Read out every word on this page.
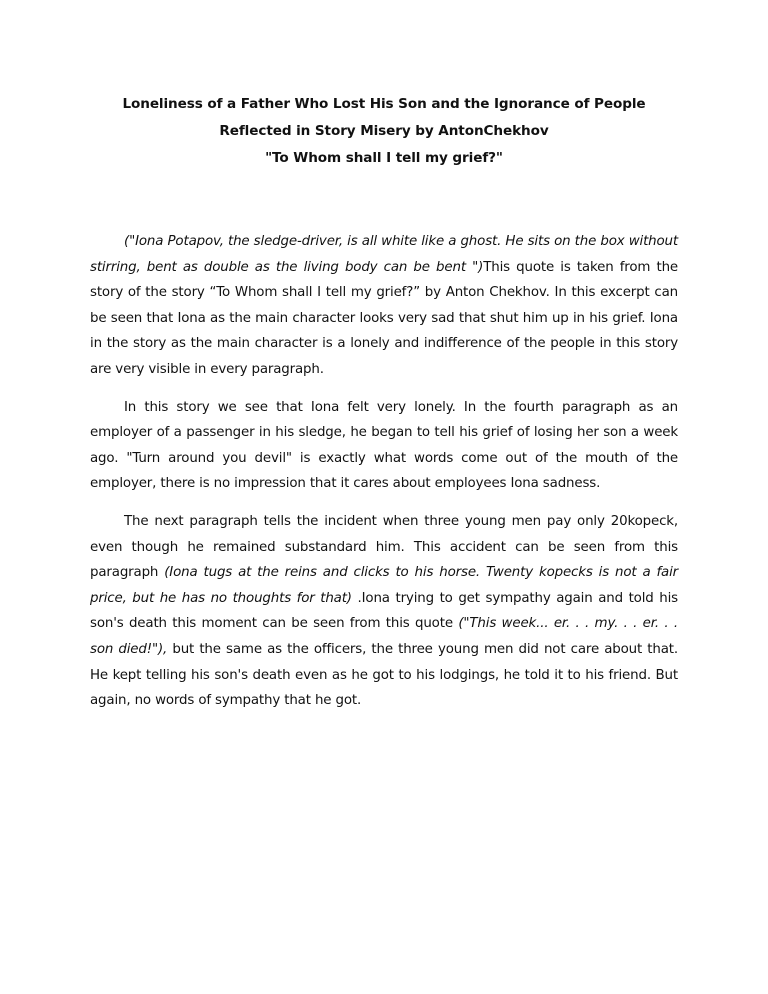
Loneliness of a Father Who Lost His Son and the Ignorance of People
Reflected in Story Misery by AntonChekhov
"To Whom shall I tell my grief?"

("Iona Potapov, the sledge-driver, is all white like a ghost. He sits on the box without stirring, bent as double as the living body can be bent ")This quote is taken from the story of the story “To Whom shall I tell my grief?” by Anton Chekhov. In this excerpt can be seen that Iona as the main character looks very sad that shut him up in his grief. Iona in the story as the main character is a lonely and indifference of the people in this story are very visible in every paragraph.

In this story we see that Iona felt very lonely. In the fourth paragraph as an employer of a passenger in his sledge, he began to tell his grief of losing her son a week ago. "Turn around you devil" is exactly what words come out of the mouth of the employer, there is no impression that it cares about employees Iona sadness.

The next paragraph tells the incident when three young men pay only 20kopeck, even though he remained substandard him. This accident can be seen from this paragraph (Iona tugs at the reins and clicks to his horse. Twenty kopecks is not a fair price, but he has no thoughts for that) .Iona trying to get sympathy again and told his son's death this moment can be seen from this quote ("This week... er. . . my. . . er. . . son died!"), but the same as the officers, the three young men did not care about that. He kept telling his son's death even as he got to his lodgings, he told it to his friend. But again, no words of sympathy that he got.
